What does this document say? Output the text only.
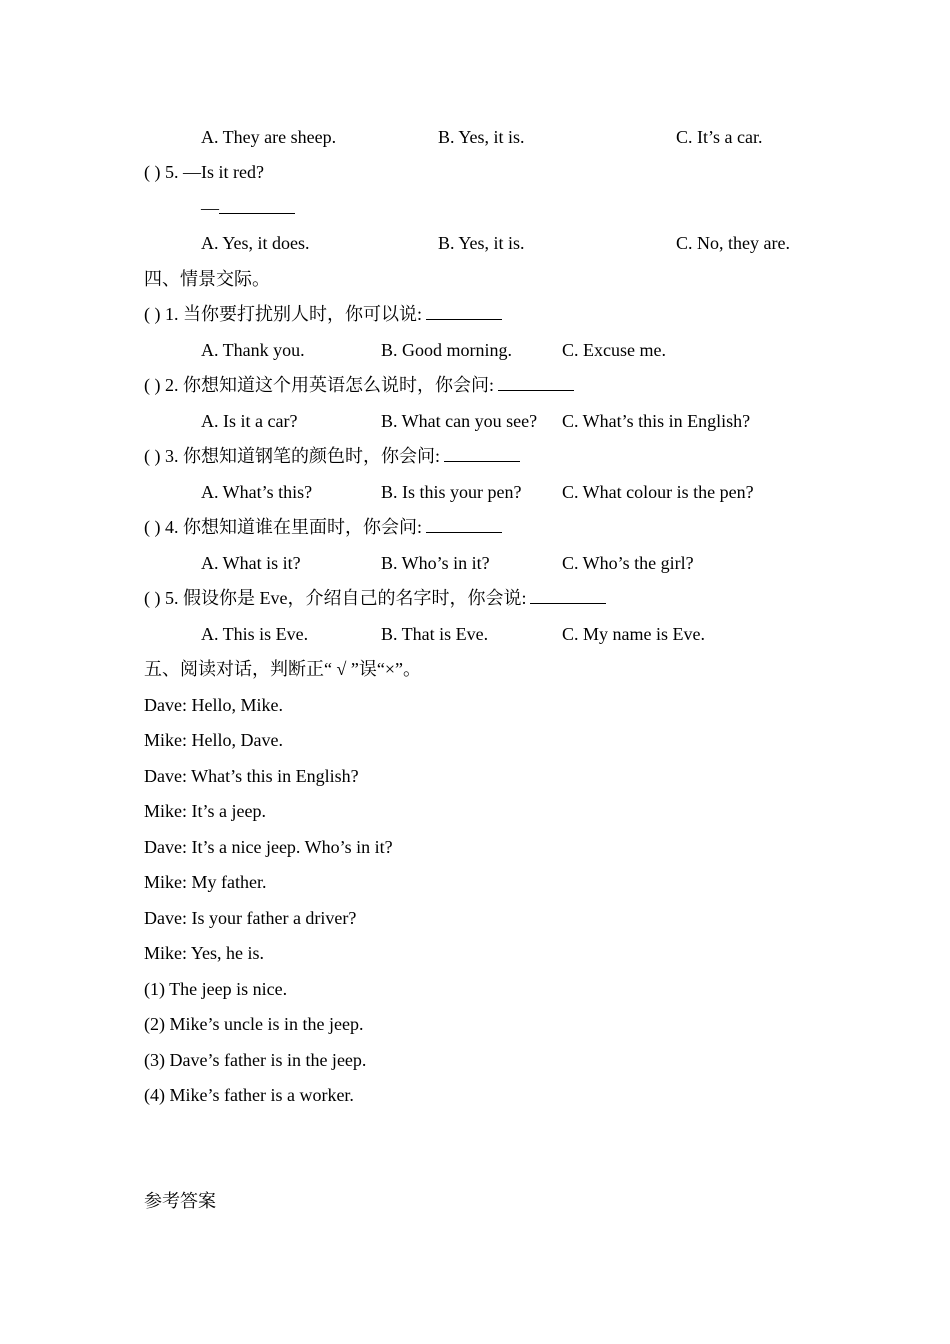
A. They are sheep.	B. Yes, it is.	C. It’s a car.
( ) 5. —Is it red?
—
A. Yes, it does.	B. Yes, it is.	C. No, they are.
四、情景交际。
( ) 1. 当你要打扰别人时，你可以说:
A. Thank you.	B. Good morning.	C. Excuse me.
( ) 2. 你想知道这个用英语怎么说时，你会问:
A. Is it a car?	B. What can you see? C. What’s this in English?
( ) 3. 你想知道钢笔的颜色时，你会问:
A. What’s this?	B. Is this your pen? C. What colour is the pen?
( ) 4. 你想知道谁在里面时，你会问:
A. What is it?	B. Who’s in it?	C. Who’s the girl?
( ) 5. 假设你是 Eve，介绍自己的名字时，你会说:
A. This is Eve.	B. That is Eve.	C. My name is Eve.
五、阅读对话，判断正“ √ ”误“×”。
Dave: Hello, Mike.
Mike: Hello, Dave.
Dave: What’s this in English?
Mike: It’s a jeep.
Dave: It’s a nice jeep. Who’s in it?
Mike: My father.
Dave: Is your father a driver?
Mike: Yes, he is.
(1) The jeep is nice.
(2) Mike’s uncle is in the jeep.
(3) Dave’s father is in the jeep.
(4) Mike’s father is a worker.
参考答案
